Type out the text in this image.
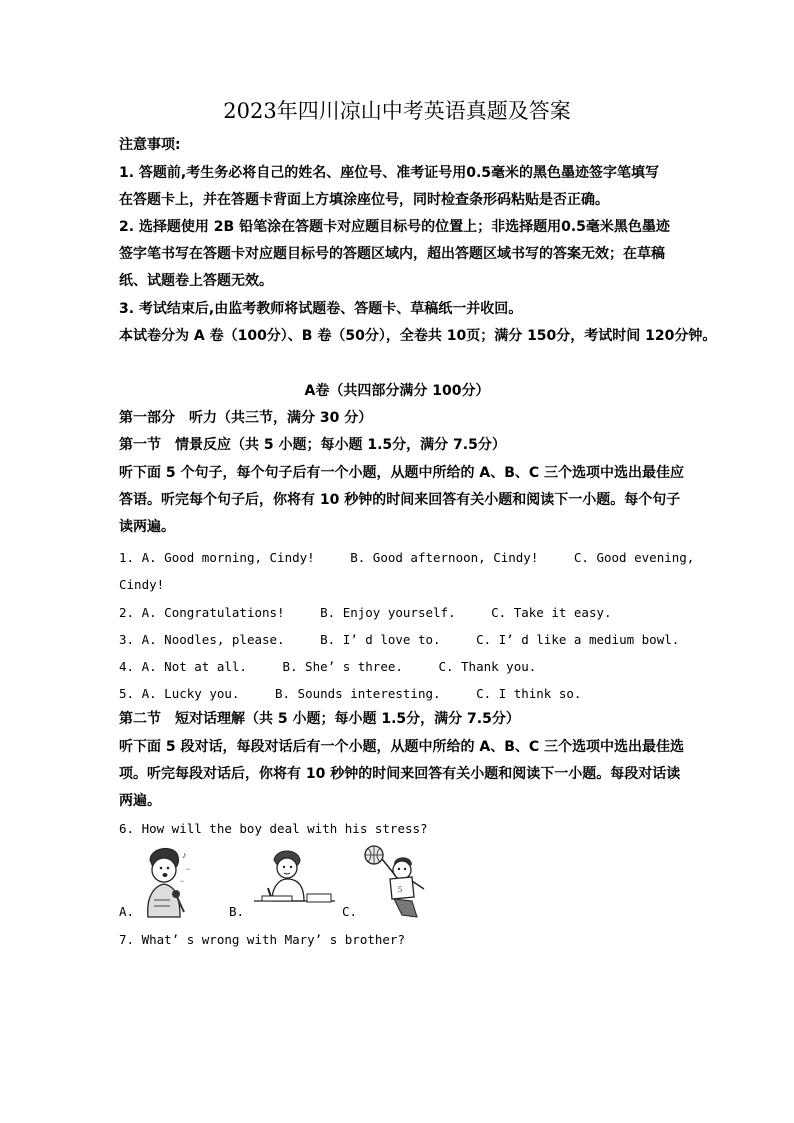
2023年四川凉山中考英语真题及答案
注意事项:
1. 答题前,考生务必将自己的姓名、座位号、准考证号用0.5毫米的黑色墨迹签字笔填写
在答题卡上，并在答题卡背面上方填涂座位号，同时检查条形码粘贴是否正确。
2. 选择题使用 2B 铅笔涂在答题卡对应题目标号的位置上；非选择题用0.5毫米黑色墨迹
签字笔书写在答题卡对应题目标号的答题区域内，超出答题区域书写的答案无效；在草稿
纸、试题卷上答题无效。
3. 考试结束后,由监考教师将试题卷、答题卡、草稿纸一并收回。
本试卷分为 A 卷（100分）、B 卷（50分），全卷共 10页；满分 150分，考试时间 120分钟。
A卷（共四部分满分 100分）
第一部分　听力（共三节，满分 30 分）
第一节　情景反应（共 5 小题；每小题 1.5分，满分 7.5分）
听下面 5 个句子，每个句子后有一个小题，从题中所给的 A、B、C 三个选项中选出最佳应
答语。听完每个句子后，你将有 10 秒钟的时间来回答有关小题和阅读下一小题。每个句子
读两遍。
1. A. Good morning, Cindy!	B. Good afternoon, Cindy!	C. Good evening,
Cindy!
2. A. Congratulations!	B. Enjoy yourself.	C. Take it easy.
3. A. Noodles, please.	B. I’ d love to.	C. I’ d like a medium bowl.
4. A. Not at all.	B. She’ s three.	C. Thank you.
5. A. Lucky you.	B. Sounds interesting.	C. I think so.
第二节　短对话理解（共 5 小题；每小题 1.5分，满分 7.5分）
听下面 5 段对话，每段对话后有一个小题，从题中所给的 A、B、C 三个选项中选出最佳选
项。听完每段对话后，你将有 10 秒钟的时间来回答有关小题和阅读下一小题。每段对话读
两遍。
6. How will the boy deal with his stress?
A.
♪
~
~
B.	C.
5
7. What’ s wrong with Mary’ s brother?
